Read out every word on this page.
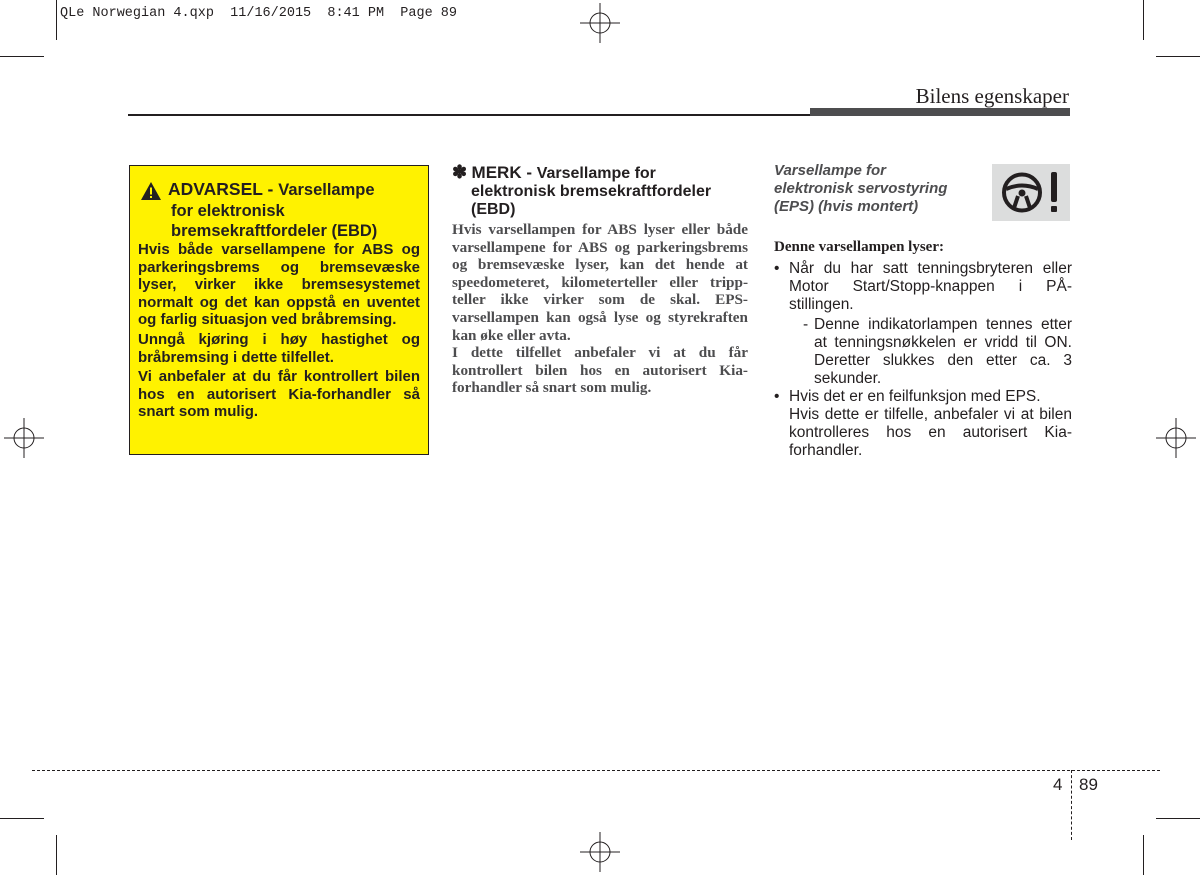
QLe Norwegian 4.qxp 11/16/2015 8:41 PM Page 89
Bilens egenskaper
ADVARSEL - Varsellampe
for elektronisk
bremsekraftfordeler (EBD)

Hvis både varsellampene for ABS og parkeringsbrems og bremsevæske lyser, virker ikke bremsesystemet normalt og det kan oppstå en uventet og farlig situasjon ved bråbremsing.

Unngå kjøring i høy hastighet og bråbremsing i dette tilfellet.

Vi anbefaler at du får kontrollert bilen hos en autorisert Kia-forhandler så snart som mulig.

✽ MERK - Varsellampe for
elektronisk bremsekraftfordeler
(EBD)

Hvis varsellampen for ABS lyser eller både varsellampene for ABS og parkeringsbrems og bremsevæske lyser, kan det hende at speedometeret, kilometerteller eller trippteller ikke virker som de skal. EPS-varsellampen kan også lyse og styrekraften kan øke eller avta.

I dette tilfellet anbefaler vi at du får kontrollert bilen hos en autorisert Kia-forhandler så snart som mulig.

Varsellampe for
elektronisk servostyring
(EPS) (hvis montert)
Denne varsellampen lyser:
• Når du har satt tenningsbryteren eller Motor Start/Stopp-knappen i PÅ-stillingen.
- Denne indikatorlampen tennes etter at tenningsnøkkelen er vridd til ON. Deretter slukkes den etter ca. 3 sekunder.
• Hvis det er en feilfunksjon med EPS.
Hvis dette er tilfelle, anbefaler vi at bilen kontrolleres hos en autorisert Kia-forhandler.
4 89
